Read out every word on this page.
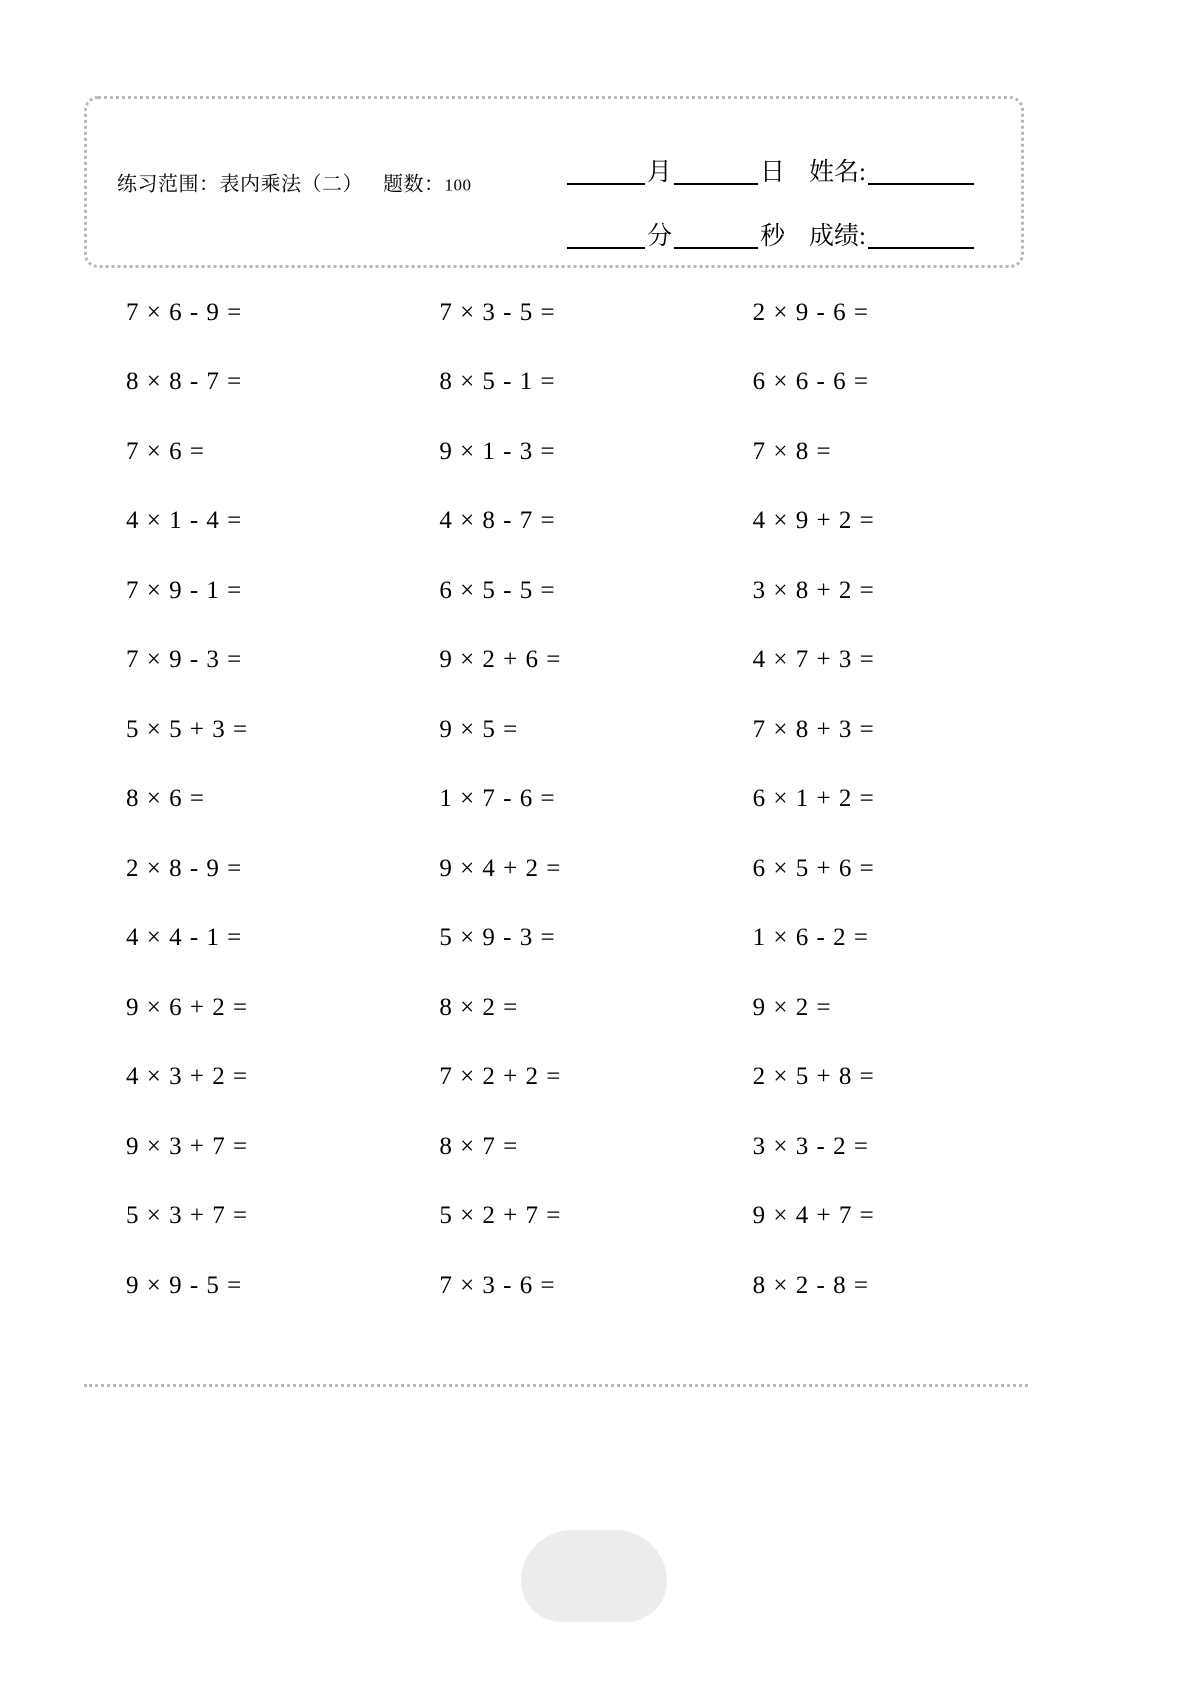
练习范围：表内乘法（二） 题数：100	月	日 姓名:
分	秒 成绩:
7 × 6 - 9 =	7 × 3 - 5 =	2 × 9 - 6 =
8 × 8 - 7 =	8 × 5 - 1 =	6 × 6 - 6 =
7 × 6 =	9 × 1 - 3 =	7 × 8 =
4 × 1 - 4 =	4 × 8 - 7 =	4 × 9 + 2 =
7 × 9 - 1 =	6 × 5 - 5 =	3 × 8 + 2 =
7 × 9 - 3 =	9 × 2 + 6 =	4 × 7 + 3 =
5 × 5 + 3 =	9 × 5 =	7 × 8 + 3 =
8 × 6 =	1 × 7 - 6 =	6 × 1 + 2 =
2 × 8 - 9 =	9 × 4 + 2 =	6 × 5 + 6 =
4 × 4 - 1 =	5 × 9 - 3 =	1 × 6 - 2 =
9 × 6 + 2 =	8 × 2 =	9 × 2 =
4 × 3 + 2 =	7 × 2 + 2 =	2 × 5 + 8 =
9 × 3 + 7 =	8 × 7 =	3 × 3 - 2 =
5 × 3 + 7 =	5 × 2 + 7 =	9 × 4 + 7 =
9 × 9 - 5 =	7 × 3 - 6 =	8 × 2 - 8 =
